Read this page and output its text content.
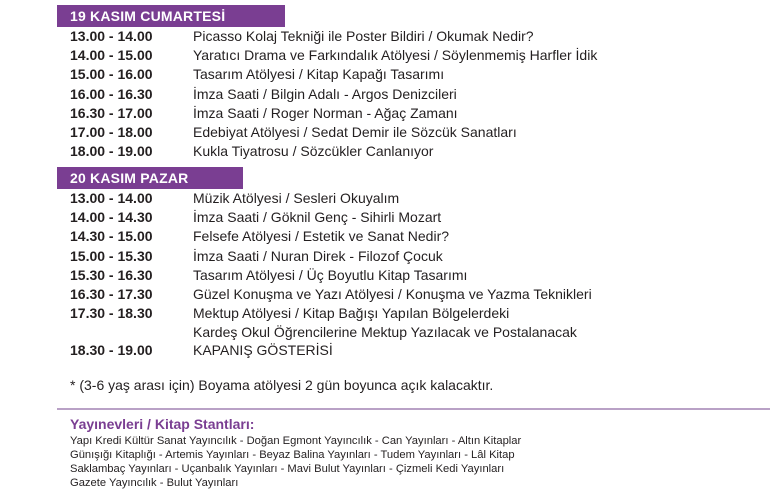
19 KASIM CUMARTESİ
13.00 - 14.00	Picasso Kolaj Tekniği ile Poster Bildiri / Okumak Nedir?
14.00 - 15.00	Yaratıcı Drama ve Farkındalık Atölyesi / Söylenmemiş Harfler İdik
15.00 - 16.00	Tasarım Atölyesi / Kitap Kapağı Tasarımı
16.00 - 16.30	İmza Saati / Bilgin Adalı - Argos Denizcileri
16.30 - 17.00	İmza Saati / Roger Norman - Ağaç Zamanı
17.00 - 18.00	Edebiyat Atölyesi / Sedat Demir ile Sözcük Sanatları
18.00 - 19.00	Kukla Tiyatrosu / Sözcükler Canlanıyor
20 KASIM PAZAR
13.00 - 14.00	Müzik Atölyesi / Sesleri Okuyalım
14.00 - 14.30	İmza Saati / Göknil Genç - Sihirli Mozart
14.30 - 15.00	Felsefe Atölyesi / Estetik ve Sanat Nedir?
15.00 - 15.30	İmza Saati / Nuran Direk - Filozof Çocuk
15.30 - 16.30	Tasarım Atölyesi / Üç Boyutlu Kitap Tasarımı
16.30 - 17.30	Güzel Konuşma ve Yazı Atölyesi / Konuşma ve Yazma Teknikleri
17.30 - 18.30	Mektup Atölyesi / Kitap Bağışı Yapılan Bölgelerdeki
Kardeş Okul Öğrencilerine Mektup Yazılacak ve Postalanacak
18.30 - 19.00	KAPANIŞ GÖSTERİSİ
* (3-6 yaş arası için) Boyama atölyesi 2 gün boyunca açık kalacaktır.
Yayınevleri / Kitap Stantları:
Yapı Kredi Kültür Sanat Yayıncılık - Doğan Egmont Yayıncılık - Can Yayınları - Altın Kitaplar
Günışığı Kitaplığı - Artemis Yayınları - Beyaz Balina Yayınları - Tudem Yayınları - Lâl Kitap
Saklambaç Yayınları - Uçanbalık Yayınları - Mavi Bulut Yayınları - Çizmeli Kedi Yayınları
Gazete Yayıncılık - Bulut Yayınları
